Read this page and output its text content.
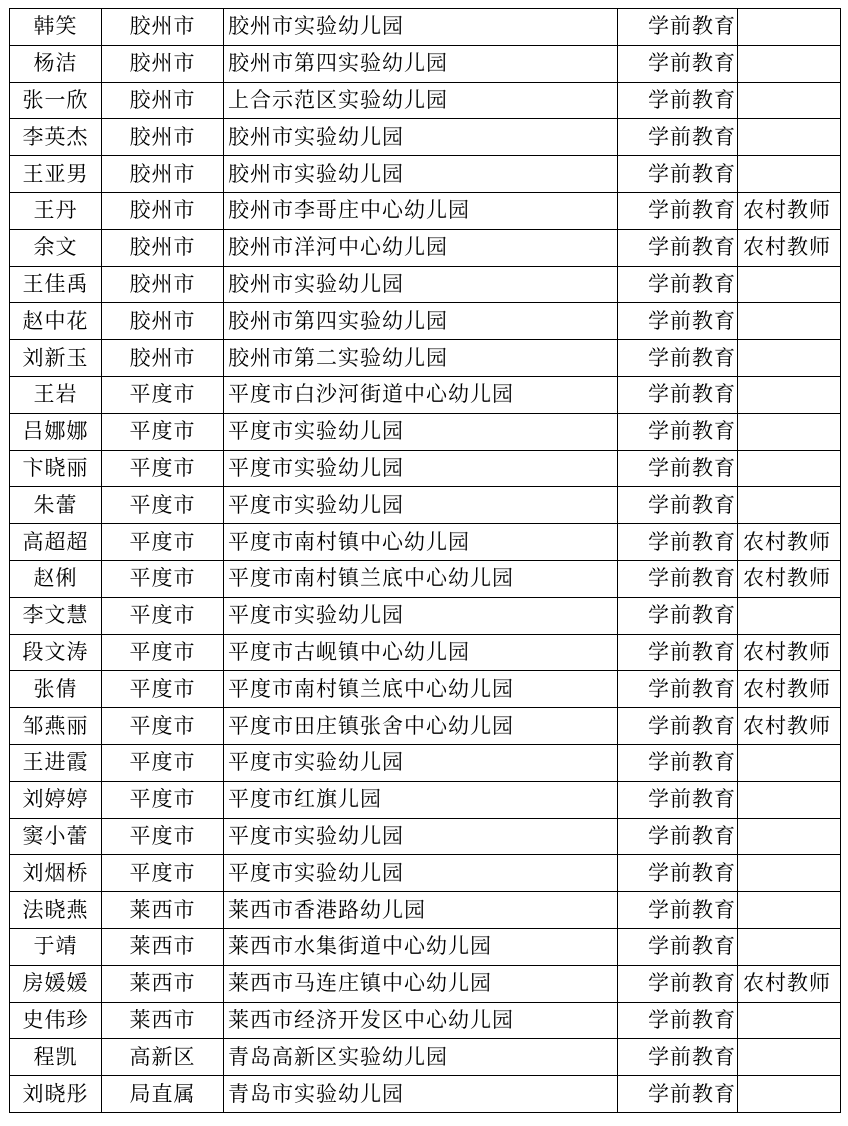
韩笑	胶州市	胶州市实验幼儿园	学前教育	
杨洁	胶州市	胶州市第四实验幼儿园	学前教育	
张一欣	胶州市	上合示范区实验幼儿园	学前教育	
李英杰	胶州市	胶州市实验幼儿园	学前教育	
王亚男	胶州市	胶州市实验幼儿园	学前教育	
王丹	胶州市	胶州市李哥庄中心幼儿园	学前教育	农村教师
余文	胶州市	胶州市洋河中心幼儿园	学前教育	农村教师
王佳禹	胶州市	胶州市实验幼儿园	学前教育	
赵中花	胶州市	胶州市第四实验幼儿园	学前教育	
刘新玉	胶州市	胶州市第二实验幼儿园	学前教育	
王岩	平度市	平度市白沙河街道中心幼儿园	学前教育	
吕娜娜	平度市	平度市实验幼儿园	学前教育	
卞晓丽	平度市	平度市实验幼儿园	学前教育	
朱蕾	平度市	平度市实验幼儿园	学前教育	
高超超	平度市	平度市南村镇中心幼儿园	学前教育	农村教师
赵俐	平度市	平度市南村镇兰底中心幼儿园	学前教育	农村教师
李文慧	平度市	平度市实验幼儿园	学前教育	
段文涛	平度市	平度市古岘镇中心幼儿园	学前教育	农村教师
张倩	平度市	平度市南村镇兰底中心幼儿园	学前教育	农村教师
邹燕丽	平度市	平度市田庄镇张舍中心幼儿园	学前教育	农村教师
王进霞	平度市	平度市实验幼儿园	学前教育	
刘婷婷	平度市	平度市红旗儿园	学前教育	
窦小蕾	平度市	平度市实验幼儿园	学前教育	
刘烟桥	平度市	平度市实验幼儿园	学前教育	
法晓燕	莱西市	莱西市香港路幼儿园	学前教育	
于靖	莱西市	莱西市水集街道中心幼儿园	学前教育	
房媛媛	莱西市	莱西市马连庄镇中心幼儿园	学前教育	农村教师
史伟珍	莱西市	莱西市经济开发区中心幼儿园	学前教育	
程凯	高新区	青岛高新区实验幼儿园	学前教育	
刘晓彤	局直属	青岛市实验幼儿园	学前教育	
